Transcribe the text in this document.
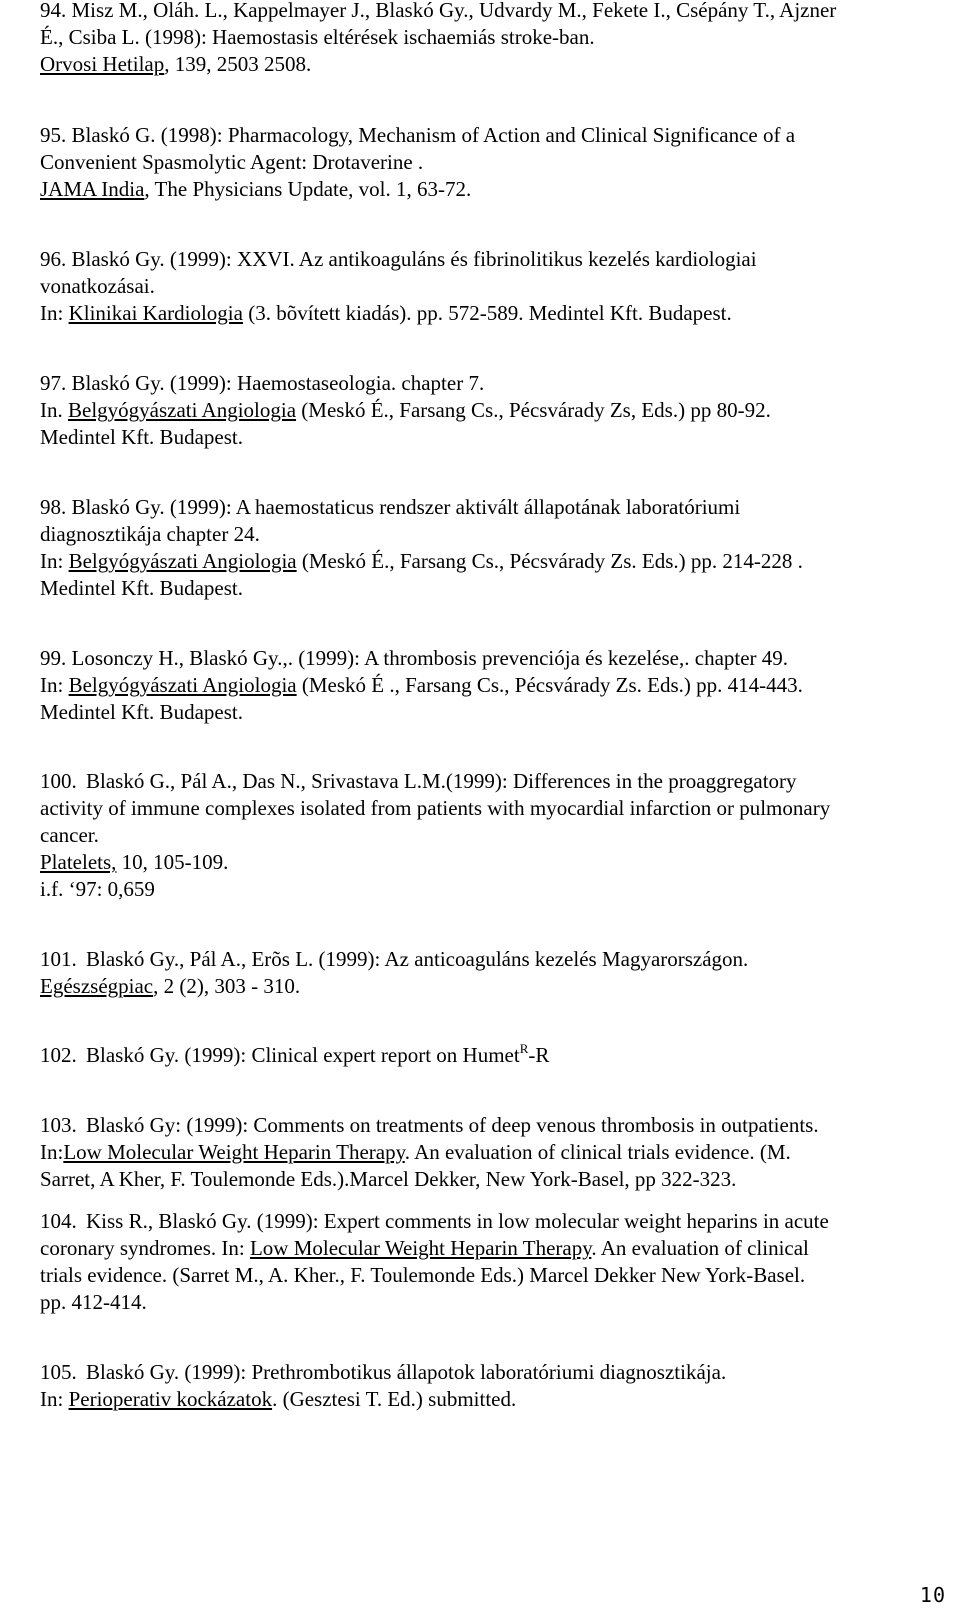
94. Misz M., Oláh. L., Kappelmayer J., Blaskó Gy., Udvardy M., Fekete I., Csépány T., Ajzner
É., Csiba L. (1998): Haemostasis eltérések ischaemiás stroke-ban.
Orvosi Hetilap, 139, 2503 2508.
95. Blaskó G. (1998): Pharmacology, Mechanism of Action and Clinical Significance of a
Convenient Spasmolytic Agent: Drotaverine .
JAMA India, The Physicians Update, vol. 1, 63-72.
96. Blaskó Gy. (1999): XXVI. Az antikoaguláns és fibrinolitikus kezelés kardiologiai
vonatkozásai.
In: Klinikai Kardiologia (3. bõvített kiadás). pp. 572-589. Medintel Kft. Budapest.
97. Blaskó Gy. (1999): Haemostaseologia. chapter 7.
In. Belgyógyászati Angiologia (Meskó É., Farsang Cs., Pécsvárady Zs, Eds.) pp 80-92.
Medintel Kft. Budapest.
98. Blaskó Gy. (1999): A haemostaticus rendszer aktivált állapotának laboratóriumi
diagnosztikája chapter 24.
In: Belgyógyászati Angiologia (Meskó É., Farsang Cs., Pécsvárady Zs. Eds.) pp. 214-228 .
Medintel Kft. Budapest.
99. Losonczy H., Blaskó Gy.,. (1999): A thrombosis prevenciója és kezelése,. chapter 49.
In: Belgyógyászati Angiologia (Meskó É ., Farsang Cs., Pécsvárady Zs. Eds.) pp. 414-443.
Medintel Kft. Budapest.
100. Blaskó G., Pál A., Das N., Srivastava L.M.(1999): Differences in the proaggregatory
activity of immune complexes isolated from patients with myocardial infarction or pulmonary
cancer.
Platelets, 10, 105-109.
i.f. ‘97: 0,659
101. Blaskó Gy., Pál A., Erõs L. (1999): Az anticoaguláns kezelés Magyarországon.
Egészségpiac, 2 (2), 303 - 310.
102. Blaskó Gy. (1999): Clinical expert report on Humet$^R$-R
103. Blaskó Gy: (1999): Comments on treatments of deep venous thrombosis in outpatients.
In:Low Molecular Weight Heparin Therapy. An evaluation of clinical trials evidence. (M.
Sarret, A Kher, F. Toulemonde Eds.).Marcel Dekker, New York-Basel, pp 322-323.
104. Kiss R., Blaskó Gy. (1999): Expert comments in low molecular weight heparins in acute
coronary syndromes. In: Low Molecular Weight Heparin Therapy. An evaluation of clinical
trials evidence. (Sarret M., A. Kher., F. Toulemonde Eds.) Marcel Dekker New York-Basel.
pp. 412-414.
105. Blaskó Gy. (1999): Prethrombotikus állapotok laboratóriumi diagnosztikája.
In: Perioperativ kockázatok. (Gesztesi T. Ed.) submitted.
10
